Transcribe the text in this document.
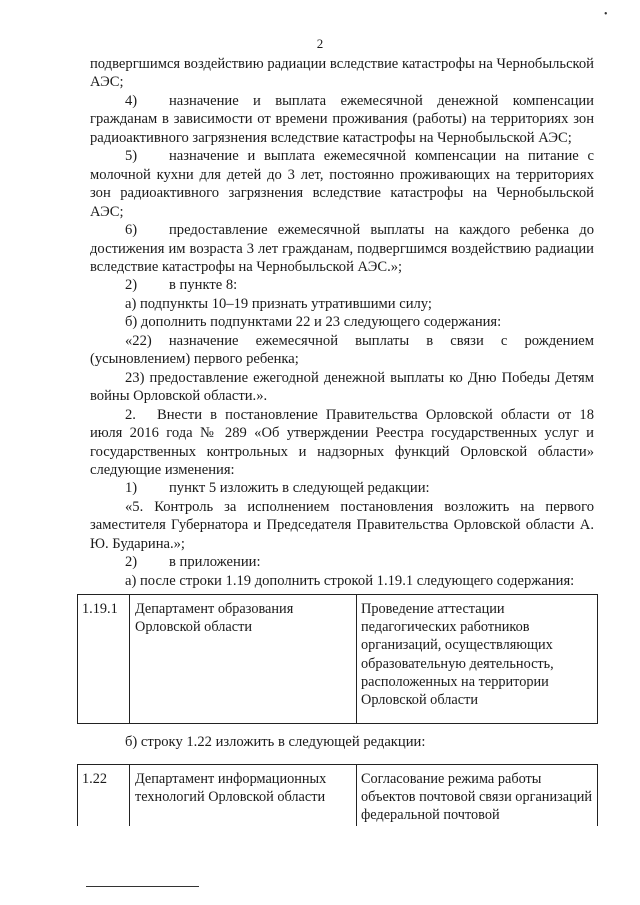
•
2

подвергшимся воздействию радиации вследствие катастрофы на Чернобыльской АЭС;

4) назначение и выплата ежемесячной денежной компенсации гражданам в зависимости от времени проживания (работы) на территориях зон радиоактивного загрязнения вследствие катастрофы на Чернобыльской АЭС;

5) назначение и выплата ежемесячной компенсации на питание с молочной кухни для детей до 3 лет, постоянно проживающих на территориях зон радиоактивного загрязнения вследствие катастрофы на Чернобыльской АЭС;

6) предоставление ежемесячной выплаты на каждого ребенка до достижения им возраста 3 лет гражданам, подвергшимся воздействию радиации вследствие катастрофы на Чернобыльской АЭС.»;

2) в пункте 8:

а) подпункты 10–19 признать утратившими силу;

б) дополнить подпунктами 22 и 23 следующего содержания:

«22) назначение ежемесячной выплаты в связи с рождением (усыновлением) первого ребенка;

23) предоставление ежегодной денежной выплаты ко Дню Победы Детям войны Орловской области.».

2. Внести в постановление Правительства Орловской области от 18 июля 2016 года № 289 «Об утверждении Реестра государственных услуг и государственных контрольных и надзорных функций Орловской области» следующие изменения:

1) пункт 5 изложить в следующей редакции:

«5. Контроль за исполнением постановления возложить на первого заместителя Губернатора и Председателя Правительства Орловской области А. Ю. Бударина.»;

2) в приложении:

а) после строки 1.19 дополнить строкой 1.19.1 следующего содержания:

1.19.1	Департамент образования Орловской области	Проведение аттестации педагогических работников организаций, осуществляющих образовательную деятельность, расположенных на территории Орловской области
б) строку 1.22 изложить в следующей редакции:
1.22	Департамент информационных технологий Орловской области	Согласование режима работы объектов почтовой связи организаций федеральной почтовой
